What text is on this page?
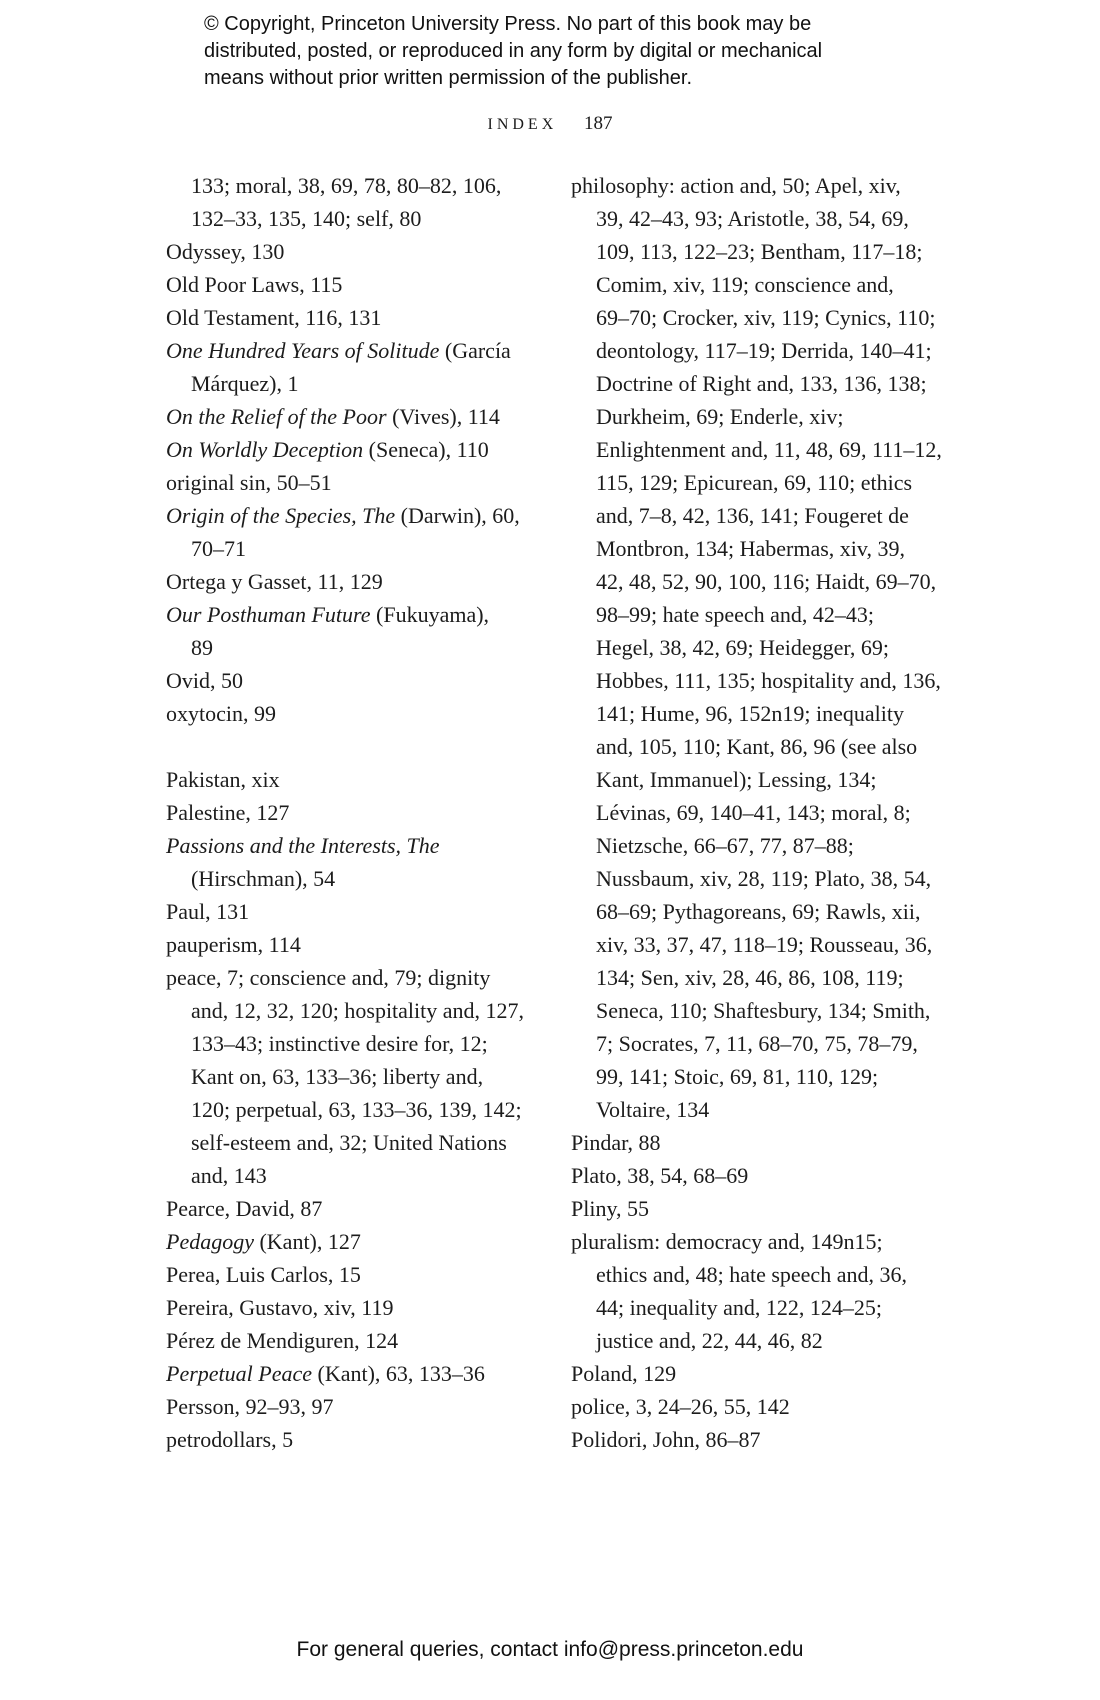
© Copyright, Princeton University Press. No part of this book may be
distributed, posted, or reproduced in any form by digital or mechanical
means without prior written permission of the publisher.
INDEX 187
133; moral, 38, 69, 78, 80–82, 106,
132–33, 135, 140; self, 80
Odyssey, 130
Old Poor Laws, 115
Old Testament, 116, 131
One Hundred Years of Solitude (García
Márquez), 1
On the Relief of the Poor (Vives), 114
On Worldly Deception (Seneca), 110
original sin, 50–51
Origin of the Species, The (Darwin), 60,
70–71
Ortega y Gasset, 11, 129
Our Posthuman Future (Fukuyama),
89
Ovid, 50
oxytocin, 99
Pakistan, xix
Palestine, 127
Passions and the Interests, The
(Hirschman), 54
Paul, 131
pauperism, 114
peace, 7; conscience and, 79; dignity
and, 12, 32, 120; hospitality and, 127,
133–43; instinctive desire for, 12;
Kant on, 63, 133–36; liberty and,
120; perpetual, 63, 133–36, 139, 142;
self-esteem and, 32; United Nations
and, 143
Pearce, David, 87
Pedagogy (Kant), 127
Perea, Luis Carlos, 15
Pereira, Gustavo, xiv, 119
Pérez de Mendiguren, 124
Perpetual Peace (Kant), 63, 133–36
Persson, 92–93, 97
petrodollars, 5
philosophy: action and, 50; Apel, xiv,
39, 42–43, 93; Aristotle, 38, 54, 69,
109, 113, 122–23; Bentham, 117–18;
Comim, xiv, 119; conscience and,
69–70; Crocker, xiv, 119; Cynics, 110;
deontology, 117–19; Derrida, 140–41;
Doctrine of Right and, 133, 136, 138;
Durkheim, 69; Enderle, xiv;
Enlightenment and, 11, 48, 69, 111–12,
115, 129; Epicurean, 69, 110; ethics
and, 7–8, 42, 136, 141; Fougeret de
Montbron, 134; Habermas, xiv, 39,
42, 48, 52, 90, 100, 116; Haidt, 69–70,
98–99; hate speech and, 42–43;
Hegel, 38, 42, 69; Heidegger, 69;
Hobbes, 111, 135; hospitality and, 136,
141; Hume, 96, 152n19; inequality
and, 105, 110; Kant, 86, 96 (see also
Kant, Immanuel); Lessing, 134;
Lévinas, 69, 140–41, 143; moral, 8;
Nietzsche, 66–67, 77, 87–88;
Nussbaum, xiv, 28, 119; Plato, 38, 54,
68–69; Pythagoreans, 69; Rawls, xii,
xiv, 33, 37, 47, 118–19; Rousseau, 36,
134; Sen, xiv, 28, 46, 86, 108, 119;
Seneca, 110; Shaftesbury, 134; Smith,
7; Socrates, 7, 11, 68–70, 75, 78–79,
99, 141; Stoic, 69, 81, 110, 129;
Voltaire, 134
Pindar, 88
Plato, 38, 54, 68–69
Pliny, 55
pluralism: democracy and, 149n15;
ethics and, 48; hate speech and, 36,
44; inequality and, 122, 124–25;
justice and, 22, 44, 46, 82
Poland, 129
police, 3, 24–26, 55, 142
Polidori, John, 86–87
For general queries, contact info@press.princeton.edu
